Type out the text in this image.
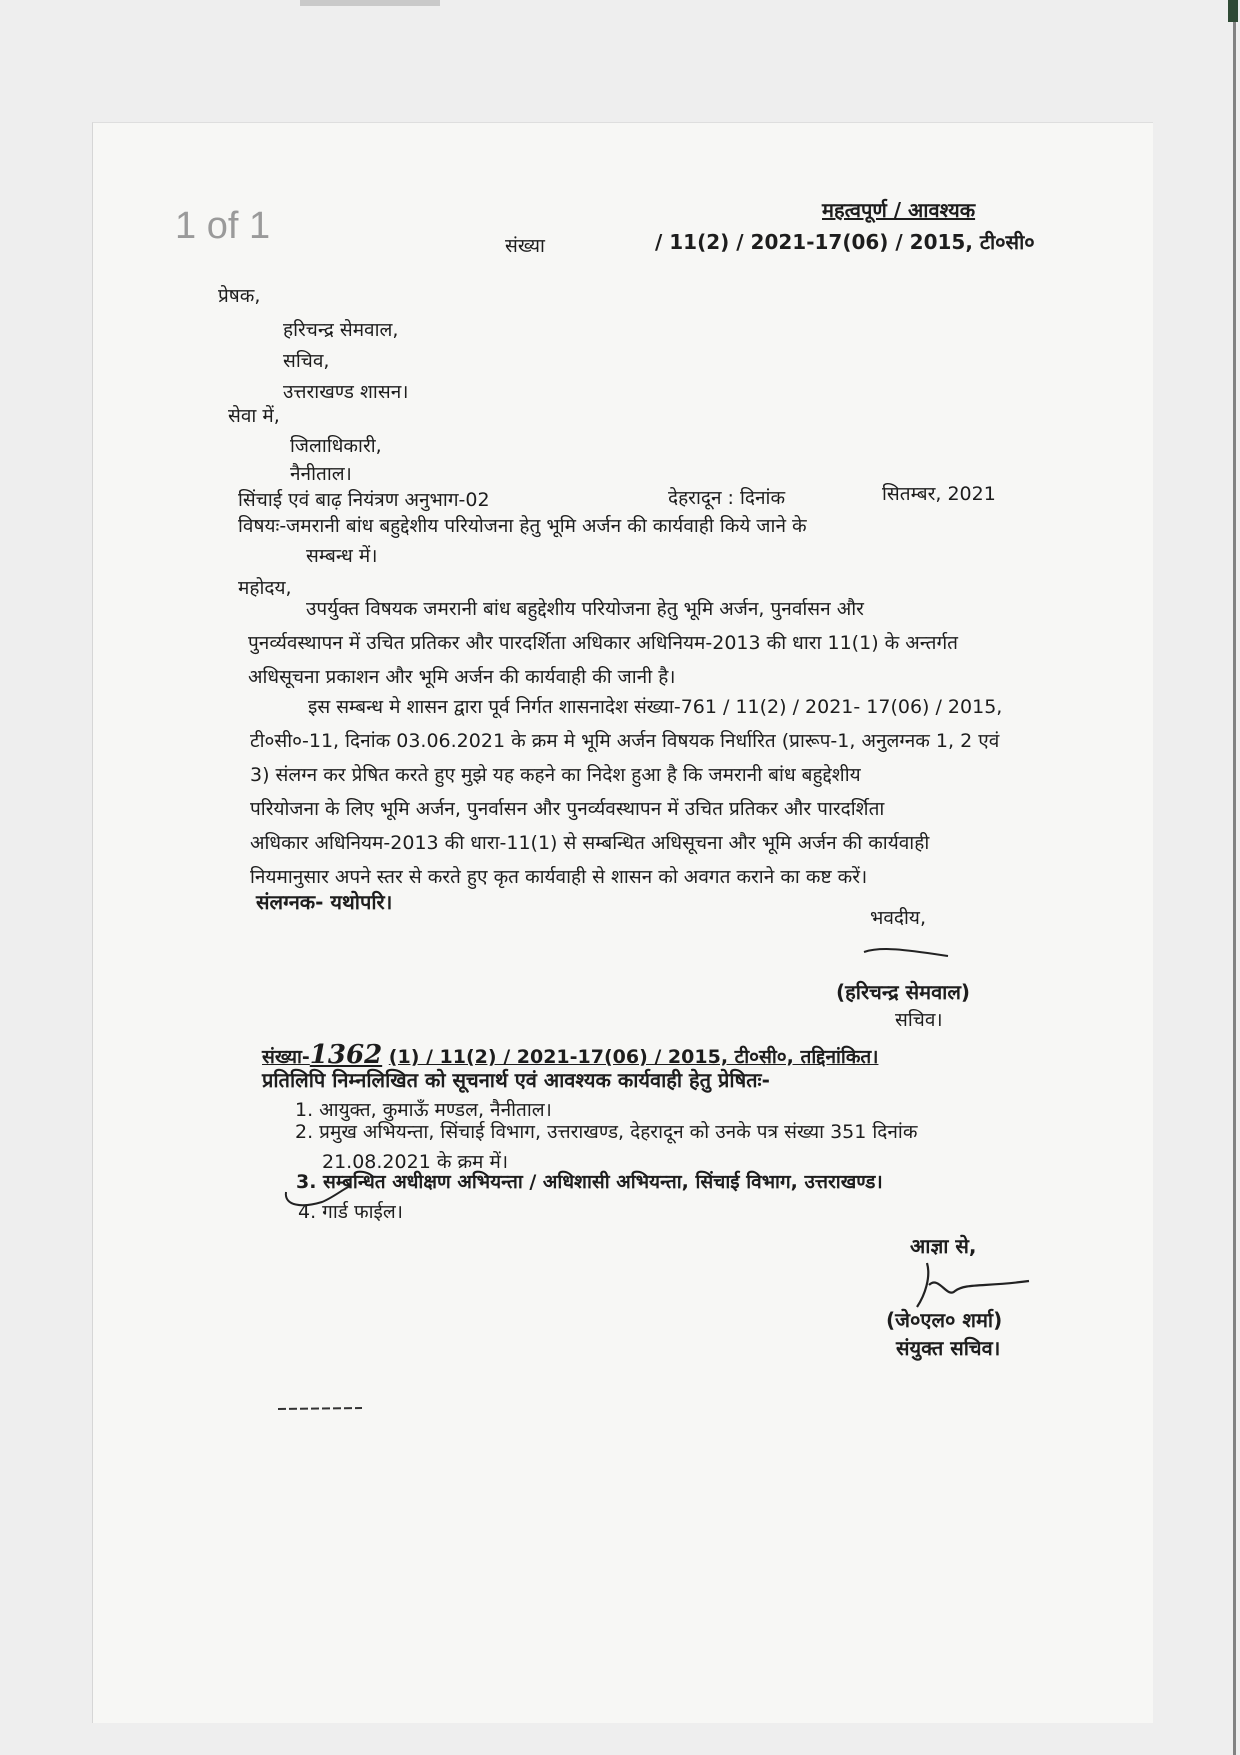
1 of 1	महत्वपूर्ण / आवश्यक
संख्या	/ 11(2) / 2021-17(06) / 2015, टी०सी०
प्रेषक,
हरिचन्द्र सेमवाल,
सचिव,
उत्तराखण्ड शासन।
सेवा में,
जिलाधिकारी,
नैनीताल।
सिंचाई एवं बाढ़ नियंत्रण अनुभाग-02	देहरादून : दिनांक	सितम्बर, 2021
विषयः-जमरानी बांध बहुद्देशीय परियोजना हेतु भूमि अर्जन की कार्यवाही किये जाने के
सम्बन्ध में।
महोदय,
उपर्युक्त विषयक जमरानी बांध बहुद्देशीय परियोजना हेतु भूमि अर्जन, पुनर्वासन और
पुनर्व्यवस्थापन में उचित प्रतिकर और पारदर्शिता अधिकार अधिनियम-2013 की धारा 11(1) के अन्तर्गत
अधिसूचना प्रकाशन और भूमि अर्जन की कार्यवाही की जानी है।
इस सम्बन्ध मे शासन द्वारा पूर्व निर्गत शासनादेश संख्या-761 / 11(2) / 2021- 17(06) / 2015,
टी०सी०-11, दिनांक 03.06.2021 के क्रम मे भूमि अर्जन विषयक निर्धारित (प्रारूप-1, अनुलग्नक 1, 2 एवं
3) संलग्न कर प्रेषित करते हुए मुझे यह कहने का निदेश हुआ है कि जमरानी बांध बहुद्देशीय
परियोजना के लिए भूमि अर्जन, पुनर्वासन और पुनर्व्यवस्थापन में उचित प्रतिकर और पारदर्शिता
अधिकार अधिनियम-2013 की धारा-11(1) से सम्बन्धित अधिसूचना और भूमि अर्जन की कार्यवाही
नियमानुसार अपने स्तर से करते हुए कृत कार्यवाही से शासन को अवगत कराने का कष्ट करें।
संलग्नक- यथोपरि।
भवदीय,
(हरिचन्द्र सेमवाल)
सचिव।
संख्या-1362 (1) / 11(2) / 2021-17(06) / 2015, टी०सी०, तद्दिनांकित।
प्रतिलिपि निम्नलिखित को सूचनार्थ एवं आवश्यक कार्यवाही हेतु प्रेषितः-
1. आयुक्त, कुमाऊँ मण्डल, नैनीताल।
2. प्रमुख अभियन्ता, सिंचाई विभाग, उत्तराखण्ड, देहरादून को उनके पत्र संख्या 351 दिनांक
21.08.2021 के क्रम में।
3. सम्बन्धित अधीक्षण अभियन्ता / अधिशासी अभियन्ता, सिंचाई विभाग, उत्तराखण्ड।
4. गार्ड फाईल।
आज्ञा से,
(जे०एल० शर्मा)
संयुक्त सचिव।
